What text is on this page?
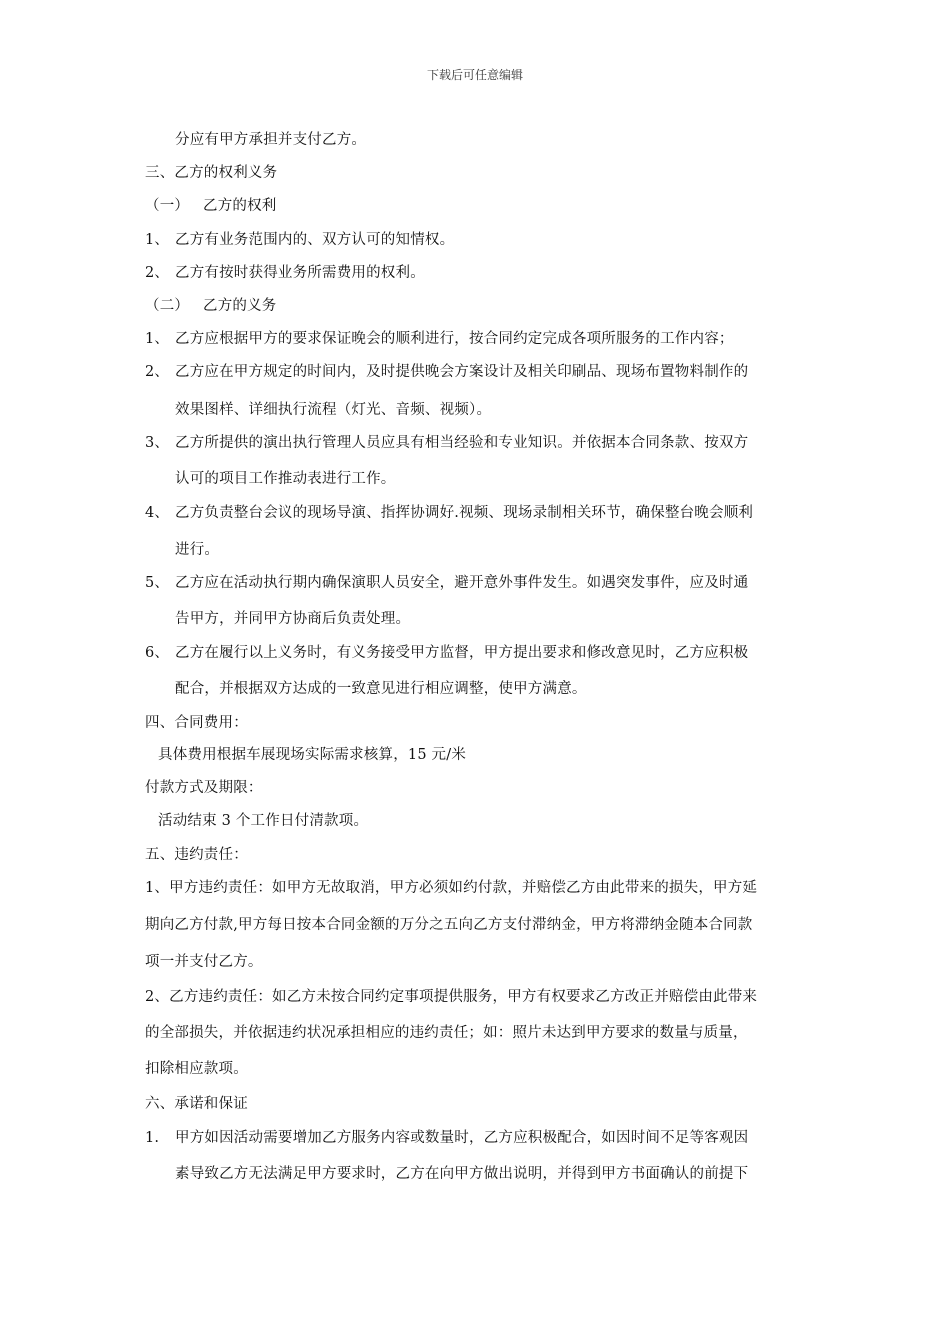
下载后可任意编辑
分应有甲方承担并支付乙方。
三、乙方的权利义务
（一） 乙方的权利
1、 乙方有业务范围内的、双方认可的知情权。
2、 乙方有按时获得业务所需费用的权利。
（二） 乙方的义务
1、 乙方应根据甲方的要求保证晚会的顺利进行，按合同约定完成各项所服务的工作内容；
2、 乙方应在甲方规定的时间内，及时提供晚会方案设计及相关印刷品、现场布置物料制作的
效果图样、详细执行流程（灯光、音频、视频）。
3、 乙方所提供的演出执行管理人员应具有相当经验和专业知识。并依据本合同条款、按双方
认可的项目工作推动表进行工作。
4、 乙方负责整台会议的现场导演、指挥协调好.视频、现场录制相关环节，确保整台晚会顺利
进行。
5、 乙方应在活动执行期内确保演职人员安全，避开意外事件发生。如遇突发事件，应及时通
告甲方，并同甲方协商后负责处理。
6、 乙方在履行以上义务时，有义务接受甲方监督，甲方提出要求和修改意见时，乙方应积极
配合，并根据双方达成的一致意见进行相应调整，使甲方满意。
四、合同费用：
具体费用根据车展现场实际需求核算，15 元/米
付款方式及期限：
活动结束 3 个工作日付清款项。
五、违约责任：
1、甲方违约责任：如甲方无故取消，甲方必须如约付款，并赔偿乙方由此带来的损失，甲方延
期向乙方付款,甲方每日按本合同金额的万分之五向乙方支付滞纳金，甲方将滞纳金随本合同款
项一并支付乙方。
2、乙方违约责任：如乙方未按合同约定事项提供服务，甲方有权要求乙方改正并赔偿由此带来
的全部损失，并依据违约状况承担相应的违约责任；如：照片未达到甲方要求的数量与质量，
扣除相应款项。
六、承诺和保证
1. 甲方如因活动需要增加乙方服务内容或数量时，乙方应积极配合，如因时间不足等客观因
素导致乙方无法满足甲方要求时，乙方在向甲方做出说明，并得到甲方书面确认的前提下
